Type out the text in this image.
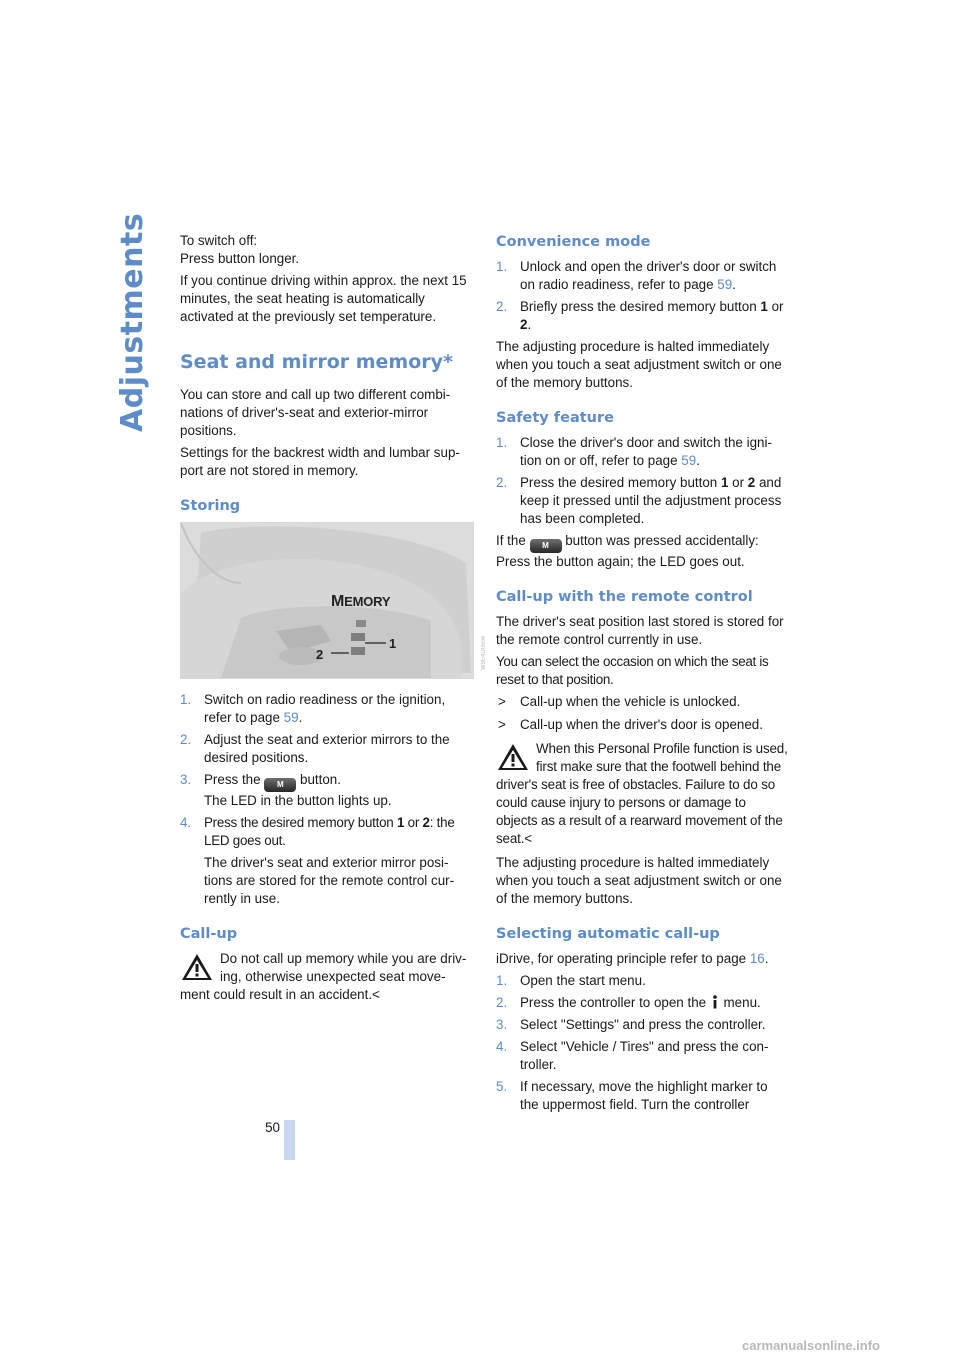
Adjustments
50

To switch off:
Press button longer.

If you continue driving within approx. the next 15 minutes, the seat heating is automatically activated at the previously set temperature.

Seat and mirror memory*

You can store and call up two different combi-nations of driver's-seat and exterior-mirror positions.

Settings for the backrest width and lumbar sup-port are not stored in memory.

Storing
MEMORY
1
2
1. Switch on radio readiness or the ignition, refer to page 59.
2. Adjust the seat and exterior mirrors to the desired positions.
3. Press the M button.
The LED in the button lights up.
4. Press the desired memory button 1 or 2: the LED goes out.
The driver's seat and exterior mirror posi-tions are stored for the remote control cur-rently in use.
Call-up
Do not call up memory while you are driv-ing, otherwise unexpected seat move-ment could result in an accident.<
W9E4U0504
Convenience mode
1. Unlock and open the driver's door or switch on radio readiness, refer to page 59.
2. Briefly press the desired memory button 1 or 2.

The adjusting procedure is halted immediately when you touch a seat adjustment switch or one of the memory buttons.

Safety feature
1. Close the driver's door and switch the igni-tion on or off, refer to page 59.
2. Press the desired memory button 1 or 2 and keep it pressed until the adjustment process has been completed.

If the M button was pressed accidentally:
Press the button again; the LED goes out.

Call-up with the remote control

The driver's seat position last stored is stored for the remote control currently in use.

You can select the occasion on which the seat is reset to that position.

> Call-up when the vehicle is unlocked.
> Call-up when the driver's door is opened.
When this Personal Profile function is used, first make sure that the footwell behind the driver's seat is free of obstacles. Failure to do so could cause injury to persons or damage to objects as a result of a rearward movement of the seat.<

The adjusting procedure is halted immediately when you touch a seat adjustment switch or one of the memory buttons.

Selecting automatic call-up

iDrive, for operating principle refer to page 16.

1. Open the start menu.
2. Press the controller to open the  menu.
3. Select "Settings" and press the controller.
4. Select "Vehicle / Tires" and press the con-troller.
5. If necessary, move the highlight marker to the uppermost field. Turn the controller
carmanualsonline.info
